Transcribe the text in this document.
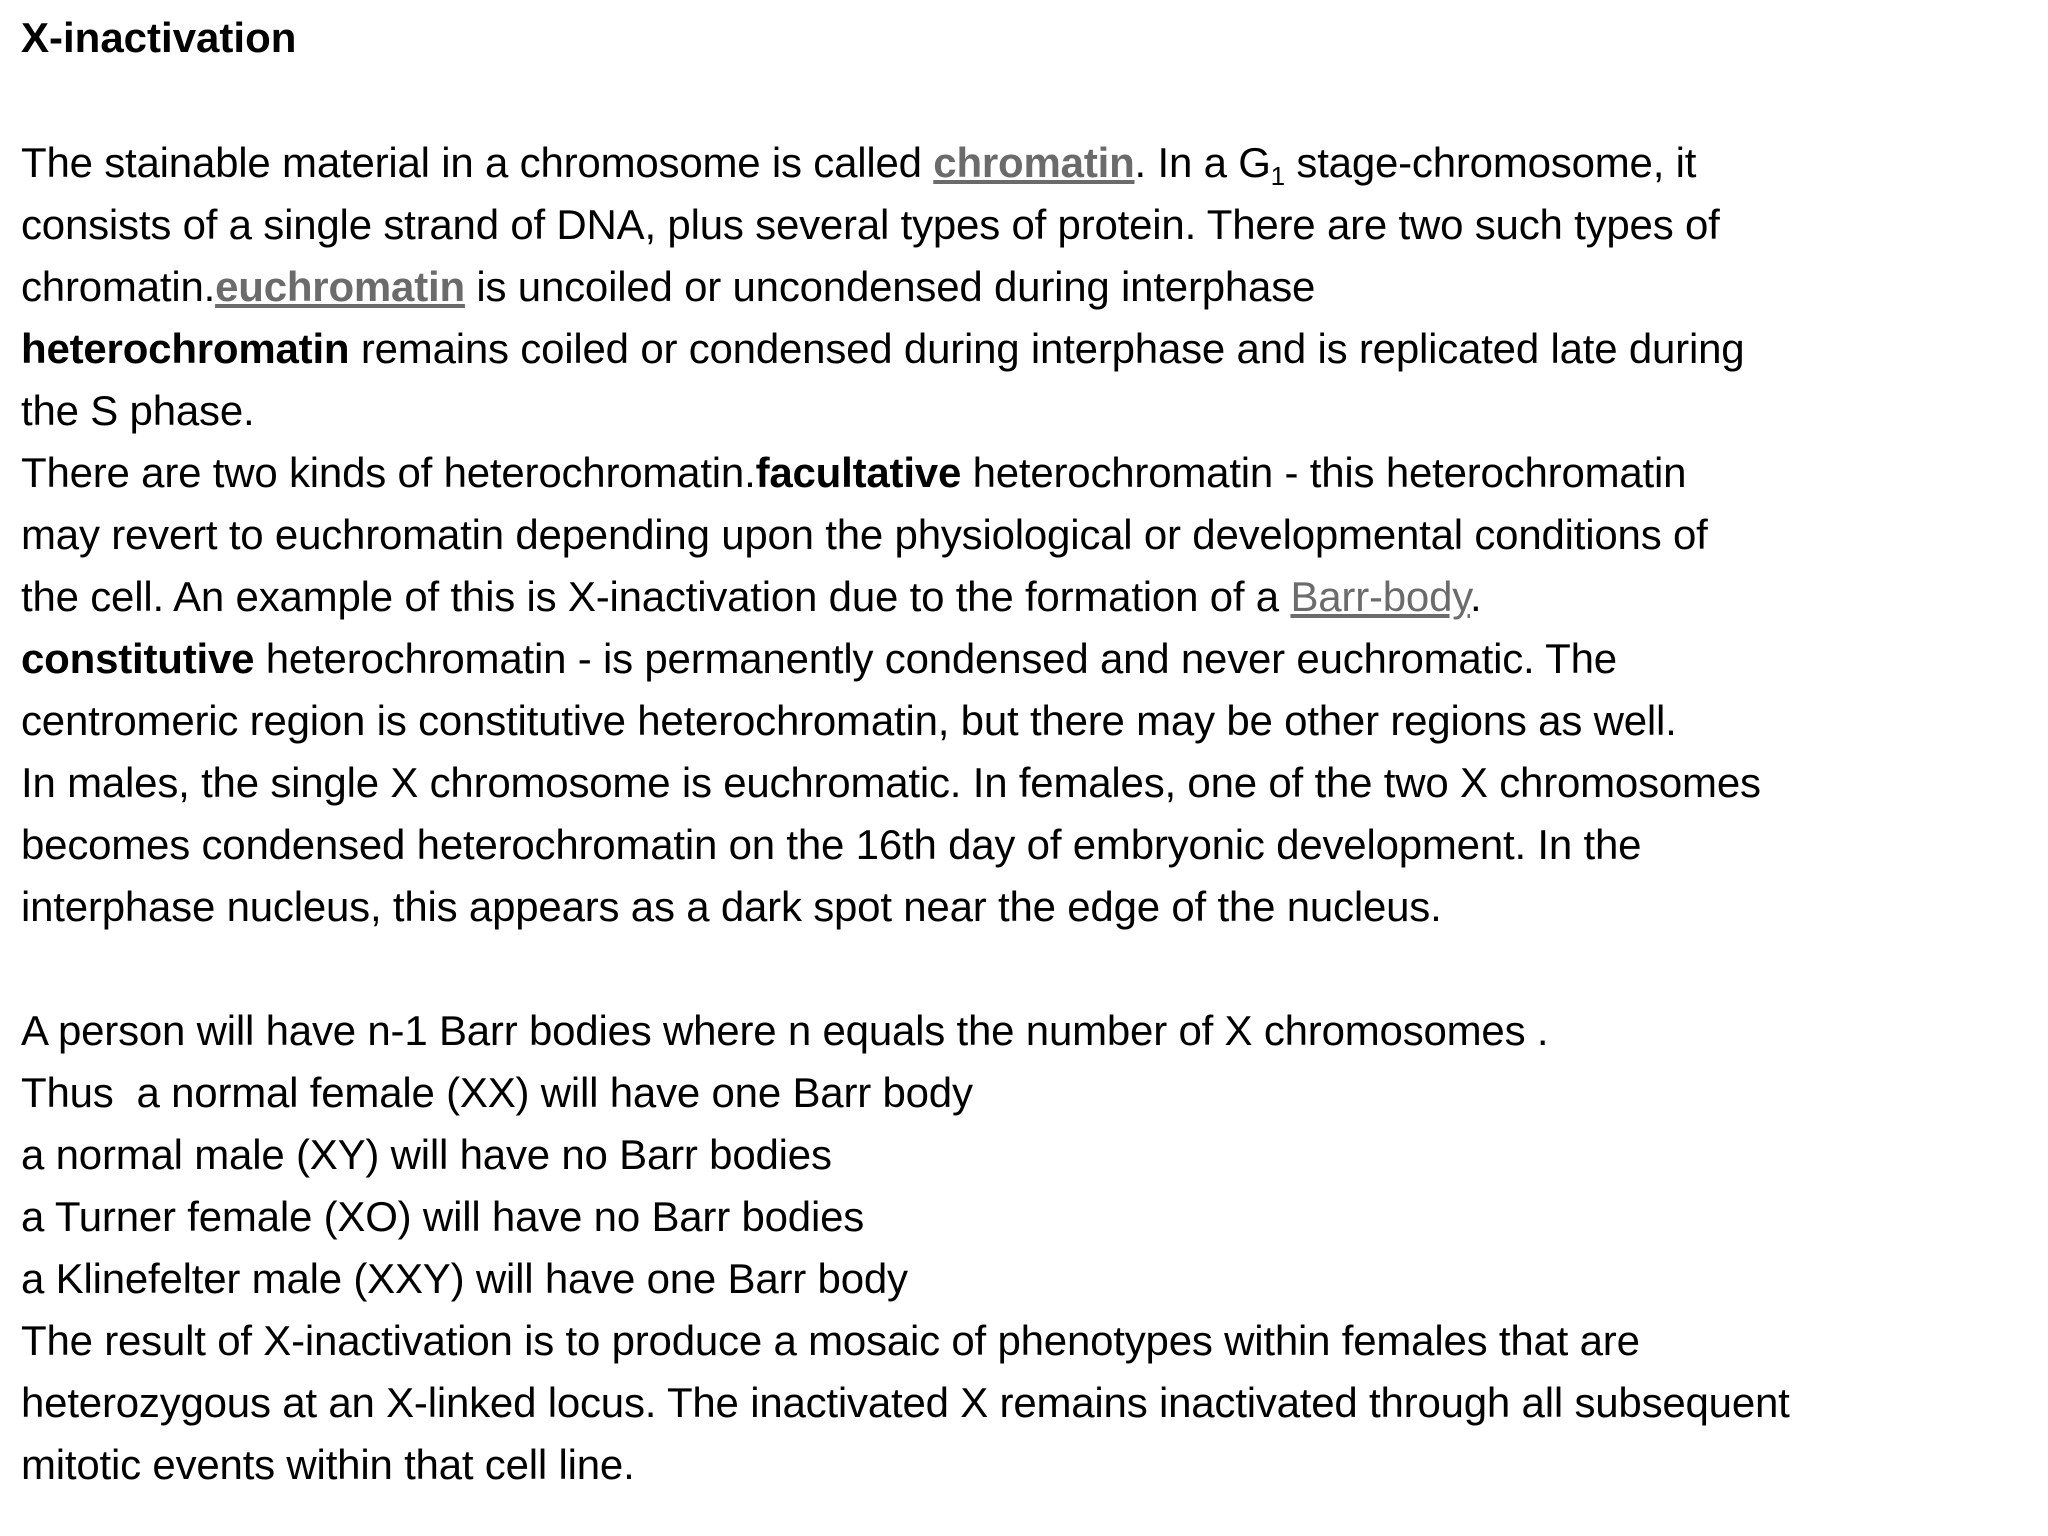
X-inactivation
The stainable material in a chromosome is called chromatin. In a $G_1$ stage-chromosome, it
consists of a single strand of DNA, plus several types of protein. There are two such types of
chromatin.euchromatin is uncoiled or uncondensed during interphase
heterochromatin remains coiled or condensed during interphase and is replicated late during
the S phase.
There are two kinds of heterochromatin.facultative heterochromatin - this heterochromatin
may revert to euchromatin depending upon the physiological or developmental conditions of
the cell. An example of this is X-inactivation due to the formation of a Barr-body.
constitutive heterochromatin - is permanently condensed and never euchromatic. The
centromeric region is constitutive heterochromatin, but there may be other regions as well.
In males, the single X chromosome is euchromatic. In females, one of the two X chromosomes
becomes condensed heterochromatin on the 16th day of embryonic development. In the
interphase nucleus, this appears as a dark spot near the edge of the nucleus.
A person will have n-1 Barr bodies where n equals the number of X chromosomes .
Thus  a normal female (XX) will have one Barr body
a normal male (XY) will have no Barr bodies
a Turner female (XO) will have no Barr bodies
a Klinefelter male (XXY) will have one Barr body
The result of X-inactivation is to produce a mosaic of phenotypes within females that are
heterozygous at an X-linked locus. The inactivated X remains inactivated through all subsequent
mitotic events within that cell line.
